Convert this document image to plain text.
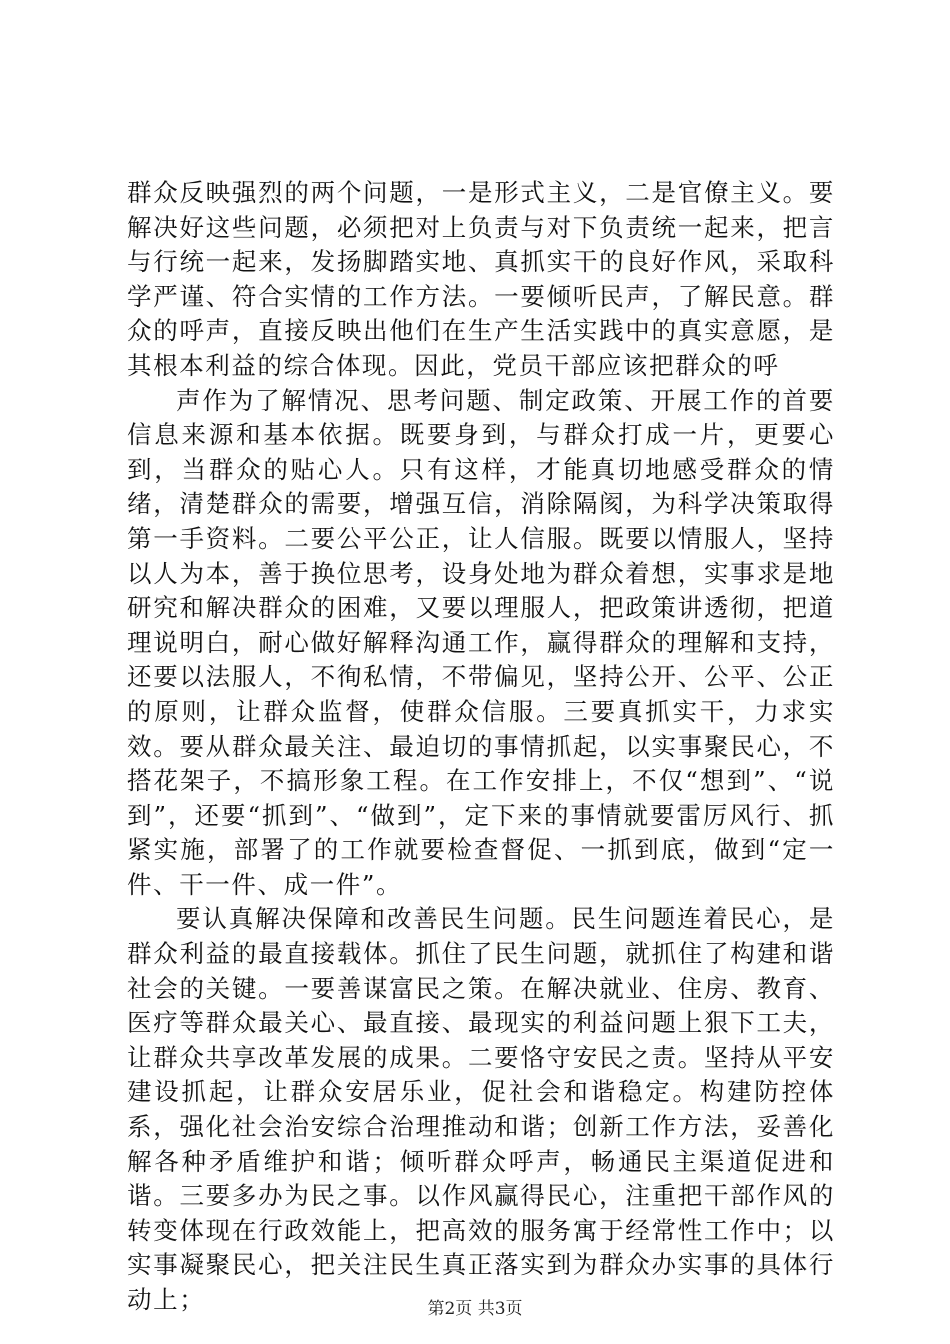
群众反映强烈的两个问题，一是形式主义，二是官僚主义。要解决好这些问题，必须把对上负责与对下负责统一起来，把言与行统一起来，发扬脚踏实地、真抓实干的良好作风，采取科学严谨、符合实情的工作方法。一要倾听民声，了解民意。群众的呼声，直接反映出他们在生产生活实践中的真实意愿，是其根本利益的综合体现。因此，党员干部应该把群众的呼

声作为了解情况、思考问题、制定政策、开展工作的首要信息来源和基本依据。既要身到，与群众打成一片，更要心到，当群众的贴心人。只有这样，才能真切地感受群众的情绪，清楚群众的需要，增强互信，消除隔阂，为科学决策取得第一手资料。二要公平公正，让人信服。既要以情服人，坚持以人为本，善于换位思考，设身处地为群众着想，实事求是地研究和解决群众的困难，又要以理服人，把政策讲透彻，把道理说明白，耐心做好解释沟通工作，赢得群众的理解和支持，还要以法服人，不徇私情，不带偏见，坚持公开、公平、公正的原则，让群众监督，使群众信服。三要真抓实干，力求实效。要从群众最关注、最迫切的事情抓起，以实事聚民心，不搭花架子，不搞形象工程。在工作安排上，不仅“想到”、“说到”，还要“抓到”、“做到”，定下来的事情就要雷厉风行、抓紧实施，部署了的工作就要检查督促、一抓到底，做到“定一件、干一件、成一件”。

要认真解决保障和改善民生问题。民生问题连着民心，是群众利益的最直接载体。抓住了民生问题，就抓住了构建和谐社会的关键。一要善谋富民之策。在解决就业、住房、教育、医疗等群众最关心、最直接、最现实的利益问题上狠下工夫，让群众共享改革发展的成果。二要恪守安民之责。坚持从平安建设抓起，让群众安居乐业，促社会和谐稳定。构建防控体系，强化社会治安综合治理推动和谐；创新工作方法，妥善化解各种矛盾维护和谐；倾听群众呼声，畅通民主渠道促进和谐。三要多办为民之事。以作风赢得民心，注重把干部作风的转变体现在行政效能上，把高效的服务寓于经常性工作中；以实事凝聚民心，把关注民生真正落实到为群众办实事的具体行动上；	第2页 共3页
